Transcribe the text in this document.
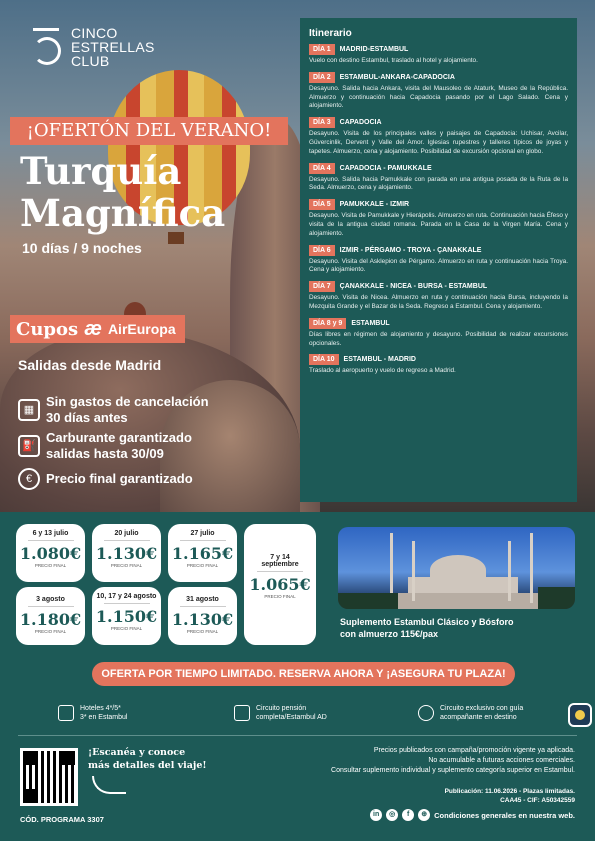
CINCO
ESTRELLAS
CLUB
¡OFERTÓN DEL VERANO!
Turquía
Magnífica
10 días / 9 noches
Cupos æ AirEuropa
Salidas desde Madrid
▦
Sin gastos de cancelación
30 días antes
⛽
Carburante garantizado
salidas hasta 30/09
€	Precio final garantizado
Itinerario
DÍA 1	MADRID-ESTAMBUL
Vuelo con destino Estambul, traslado al hotel y alojamiento.
DÍA 2	ESTAMBUL-ANKARA-CAPADOCIA
Desayuno. Salida hacia Ankara, visita del Mausoleo de Ataturk, Museo de la República. Almuerzo y continuación hacia Capadocia pasando por el Lago Salado. Cena y alojamiento.
DÍA 3	CAPADOCIA
Desayuno. Visita de los principales valles y paisajes de Capadocia: Uchisar, Avcilar, Güvercinlik, Dervent y Valle del Amor. Iglesias rupestres y talleres típicos de joyas y tapetes. Almuerzo, cena y alojamiento. Posibilidad de excursión opcional en globo.
DÍA 4	CAPADOCIA - PAMUKKALE
Desayuno. Salida hacia Pamukkale con parada en una antigua posada de la Ruta de la Seda. Almuerzo, cena y alojamiento.
DÍA 5	PAMUKKALE - IZMIR
Desayuno. Visita de Pamukkale y Hierápolis. Almuerzo en ruta. Continuación hacia Éfeso y visita de la antigua ciudad romana. Parada en la Casa de la Virgen María. Cena y alojamiento.
DÍA 6	IZMIR - PÉRGAMO - TROYA - ÇANAKKALE
Desayuno. Visita del Asklepion de Pérgamo. Almuerzo en ruta y continuación hacia Troya. Cena y alojamiento.
DÍA 7	ÇANAKKALE - NICEA - BURSA - ESTAMBUL
Desayuno. Visita de Nicea. Almuerzo en ruta y continuación hacia Bursa, incluyendo la Mezquita Grande y el Bazar de la Seda. Regreso a Estambul. Cena y alojamiento.
DÍA 8 y 9	ESTAMBUL
Días libres en régimen de alojamiento y desayuno. Posibilidad de realizar excursiones opcionales.
DÍA 10	ESTAMBUL - MADRID
Traslado al aeropuerto y vuelo de regreso a Madrid.
6 y 13 julio
1.080€
PRECIO FINAL
20 julio
1.130€
PRECIO FINAL
27 julio
1.165€
PRECIO FINAL
3 agosto
1.180€
PRECIO FINAL
10, 17 y 24 agosto
1.150€
PRECIO FINAL
31 agosto
1.130€
PRECIO FINAL
7 y 14 septiembre
1.065€
PRECIO FINAL
Suplemento Estambul Clásico y Bósforo
con almuerzo 115€/pax
OFERTA POR TIEMPO LIMITADO. RESERVA AHORA Y ¡ASEGURA TU PLAZA!
Hoteles 4*/5*
3* en Estambul
Circuito pensión
completa/Estambul AD
Circuito exclusivo con guía
acompañante en destino
¡Escanéa y conoce
más detalles del viaje!
CÓD. PROGRAMA 3307
Precios publicados con campaña/promoción vigente ya aplicada.
No acumulable a futuras acciones comerciales.
Consultar suplemento individual y suplemento categoría superior en Estambul.
Publicación: 11.06.2026 - Plazas limitadas.
CAA45 - CIF: A50342559
in	◎	f	⊕ Condiciones generales en nuestra web.
